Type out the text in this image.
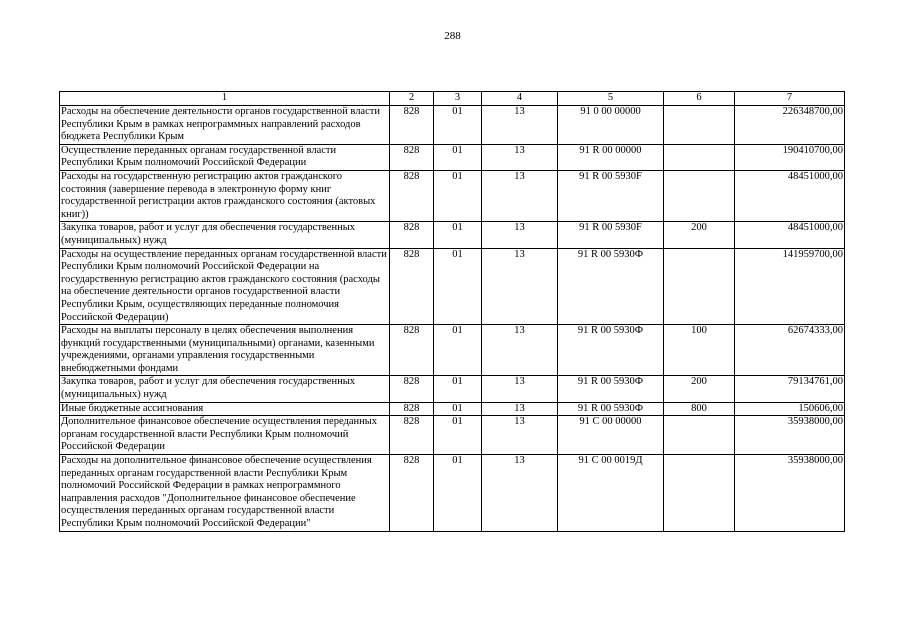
288
1	2	3	4	5	6	7
Расходы на обеспечение деятельности органов государственной власти Республики Крым в рамках непрограммных направлений расходов бюджета Республики Крым	828	01	13	91 0 00 00000		226348700,00
Осуществление переданных органам государственной власти Республики Крым полномочий Российской Федерации	828	01	13	91 R 00 00000		190410700,00
Расходы на государственную регистрацию актов гражданского состояния (завершение перевода в электронную форму книг государственной регистрации актов гражданского состояния (актовых книг))	828	01	13	91 R 00 5930F		48451000,00
Закупка товаров, работ и услуг для обеспечения государственных (муниципальных) нужд	828	01	13	91 R 00 5930F	200	48451000,00
Расходы на осуществление переданных органам государственной власти Республики Крым полномочий Российской Федерации на государственную регистрацию актов гражданского состояния (расходы на обеспечение деятельности органов государственной власти Республики Крым, осуществляющих переданные полномочия Российской Федерации)	828	01	13	91 R 00 5930Ф		141959700,00
Расходы на выплаты персоналу в целях обеспечения выполнения функций государственными (муниципальными) органами, казенными учреждениями, органами управления государственными внебюджетными фондами	828	01	13	91 R 00 5930Ф	100	62674333,00
Закупка товаров, работ и услуг для обеспечения государственных (муниципальных) нужд	828	01	13	91 R 00 5930Ф	200	79134761,00
Иные бюджетные ассигнования	828	01	13	91 R 00 5930Ф	800	150606,00
Дополнительное финансовое обеспечение осуществления переданных органам государственной власти Республики Крым полномочий Российской Федерации	828	01	13	91 С 00 00000		35938000,00
Расходы на дополнительное финансовое обеспечение осуществления переданных органам государственной власти Республики Крым полномочий Российской Федерации в рамках непрограммного направления расходов "Дополнительное финансовое обеспечение осуществления переданных органам государственной власти Республики Крым полномочий Российской Федерации"	828	01	13	91 С 00 0019Д		35938000,00
